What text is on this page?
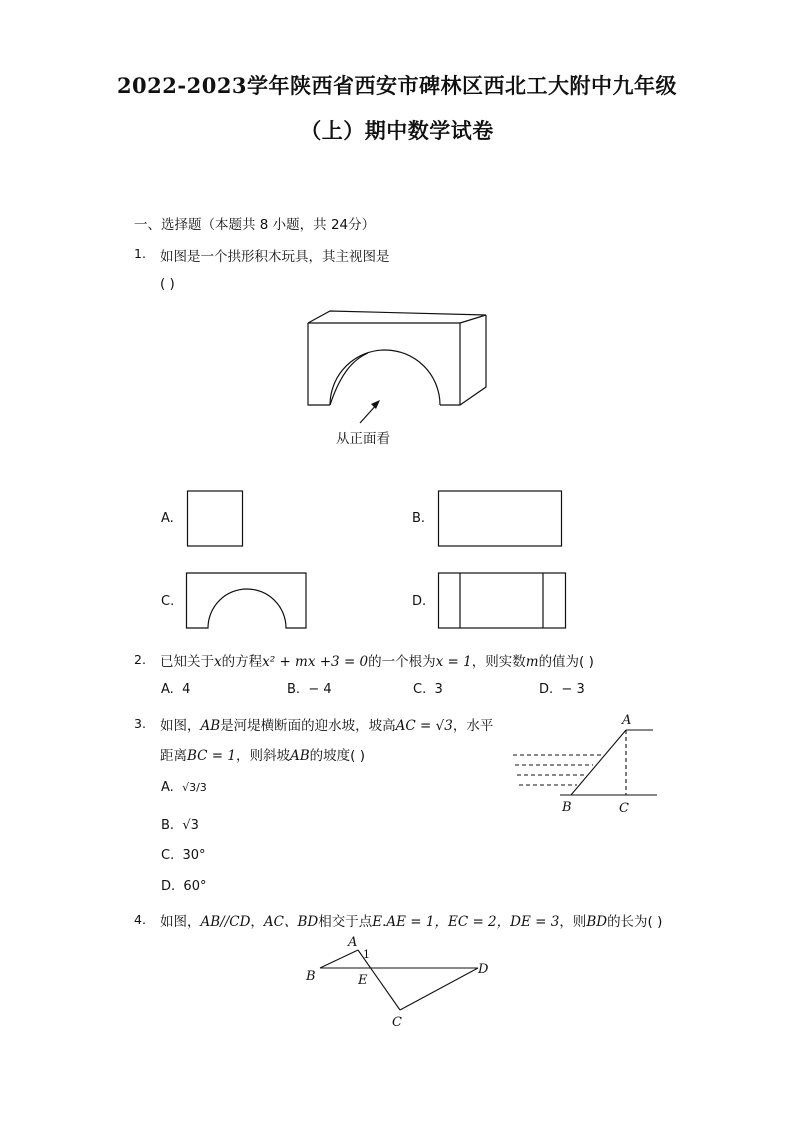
2022-2023学年陕西省西安市碑林区西北工大附中九年级
（上）期中数学试卷
一、选择题（本题共 8 小题，共 24分）
1. 如图是一个拱形积木玩具，其主视图是
( )
从正面看
A.	B.
C.	D.
2. 已知关于x的方程x² + mx +3 = 0的一个根为x = 1，则实数m的值为( )
A. 4	B. − 4	C. 3	D. − 3
3. 如图，AB是河堤横断面的迎水坡，坡高AC = √3，水平
距离BC = 1，则斜坡AB的坡度( )
A. √3/3
B. √3
C. 30°
D. 60°
A
B	C
4. 如图，AB//CD，AC、BD相交于点E.AE = 1，EC = 2，DE = 3，则BD的长为( )
A
B
C
D
E
1
